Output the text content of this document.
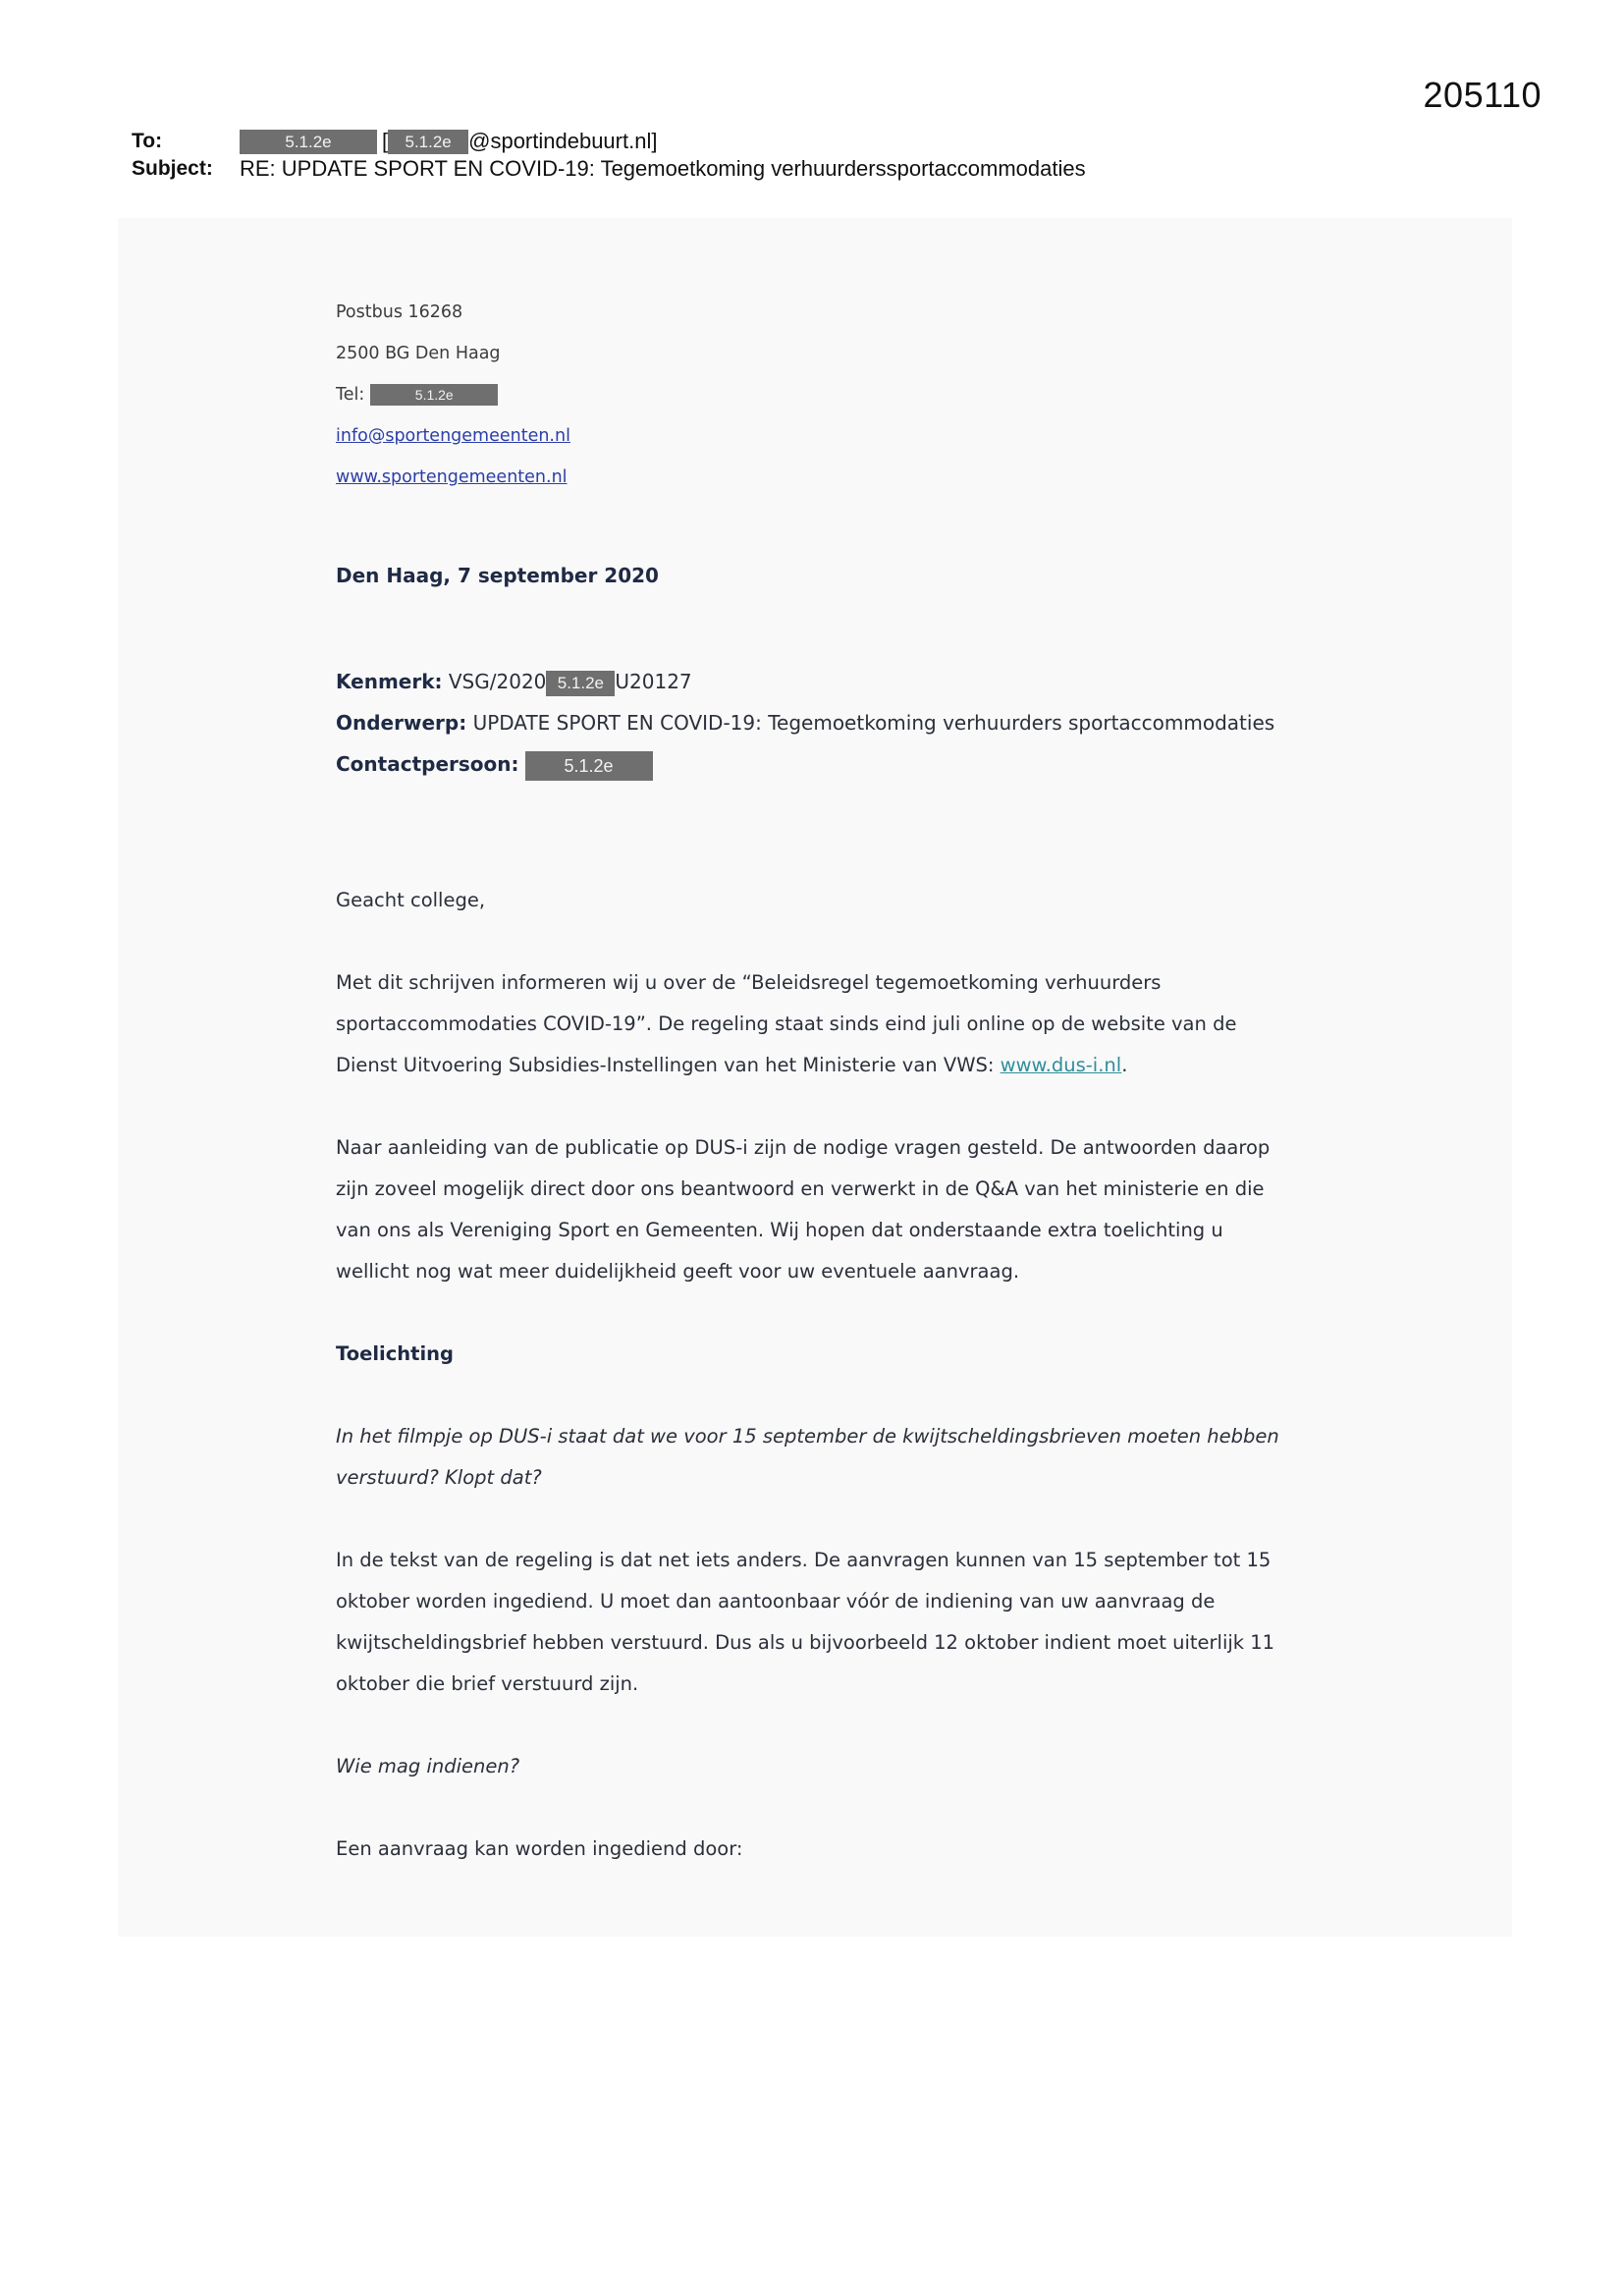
205110
To:	5.1.2e	[	5.1.2e @sportindebuurt.nl]
Subject:	RE: UPDATE SPORT EN COVID-19: Tegemoetkoming verhuurderssportaccommodaties
Postbus 16268
2500 BG Den Haag
Tel:	5.1.2e
info@sportengemeenten.nl
www.sportengemeenten.nl
Den Haag, 7 september 2020
Kenmerk: VSG/2020 5.1.2e U20127
Onderwerp: UPDATE SPORT EN COVID-19: Tegemoetkoming verhuurders sportaccommodaties
Contactpersoon:	5.1.2e

Geacht college,

Met dit schrijven informeren wij u over de “Beleidsregel tegemoetkoming verhuurders

sportaccommodaties COVID-19”. De regeling staat sinds eind juli online op de website van de

Dienst Uitvoering Subsidies-Instellingen van het Ministerie van VWS: www.dus-i.nl.

Naar aanleiding van de publicatie op DUS-i zijn de nodige vragen gesteld. De antwoorden daarop

zijn zoveel mogelijk direct door ons beantwoord en verwerkt in de Q&A van het ministerie en die

van ons als Vereniging Sport en Gemeenten. Wij hopen dat onderstaande extra toelichting u

wellicht nog wat meer duidelijkheid geeft voor uw eventuele aanvraag.

Toelichting

In het filmpje op DUS-i staat dat we voor 15 september de kwijtscheldingsbrieven moeten hebben

verstuurd? Klopt dat?

In de tekst van de regeling is dat net iets anders. De aanvragen kunnen van 15 september tot 15

oktober worden ingediend. U moet dan aantoonbaar vóór de indiening van uw aanvraag de

kwijtscheldingsbrief hebben verstuurd. Dus als u bijvoorbeeld 12 oktober indient moet uiterlijk 11

oktober die brief verstuurd zijn.

Wie mag indienen?

Een aanvraag kan worden ingediend door:
